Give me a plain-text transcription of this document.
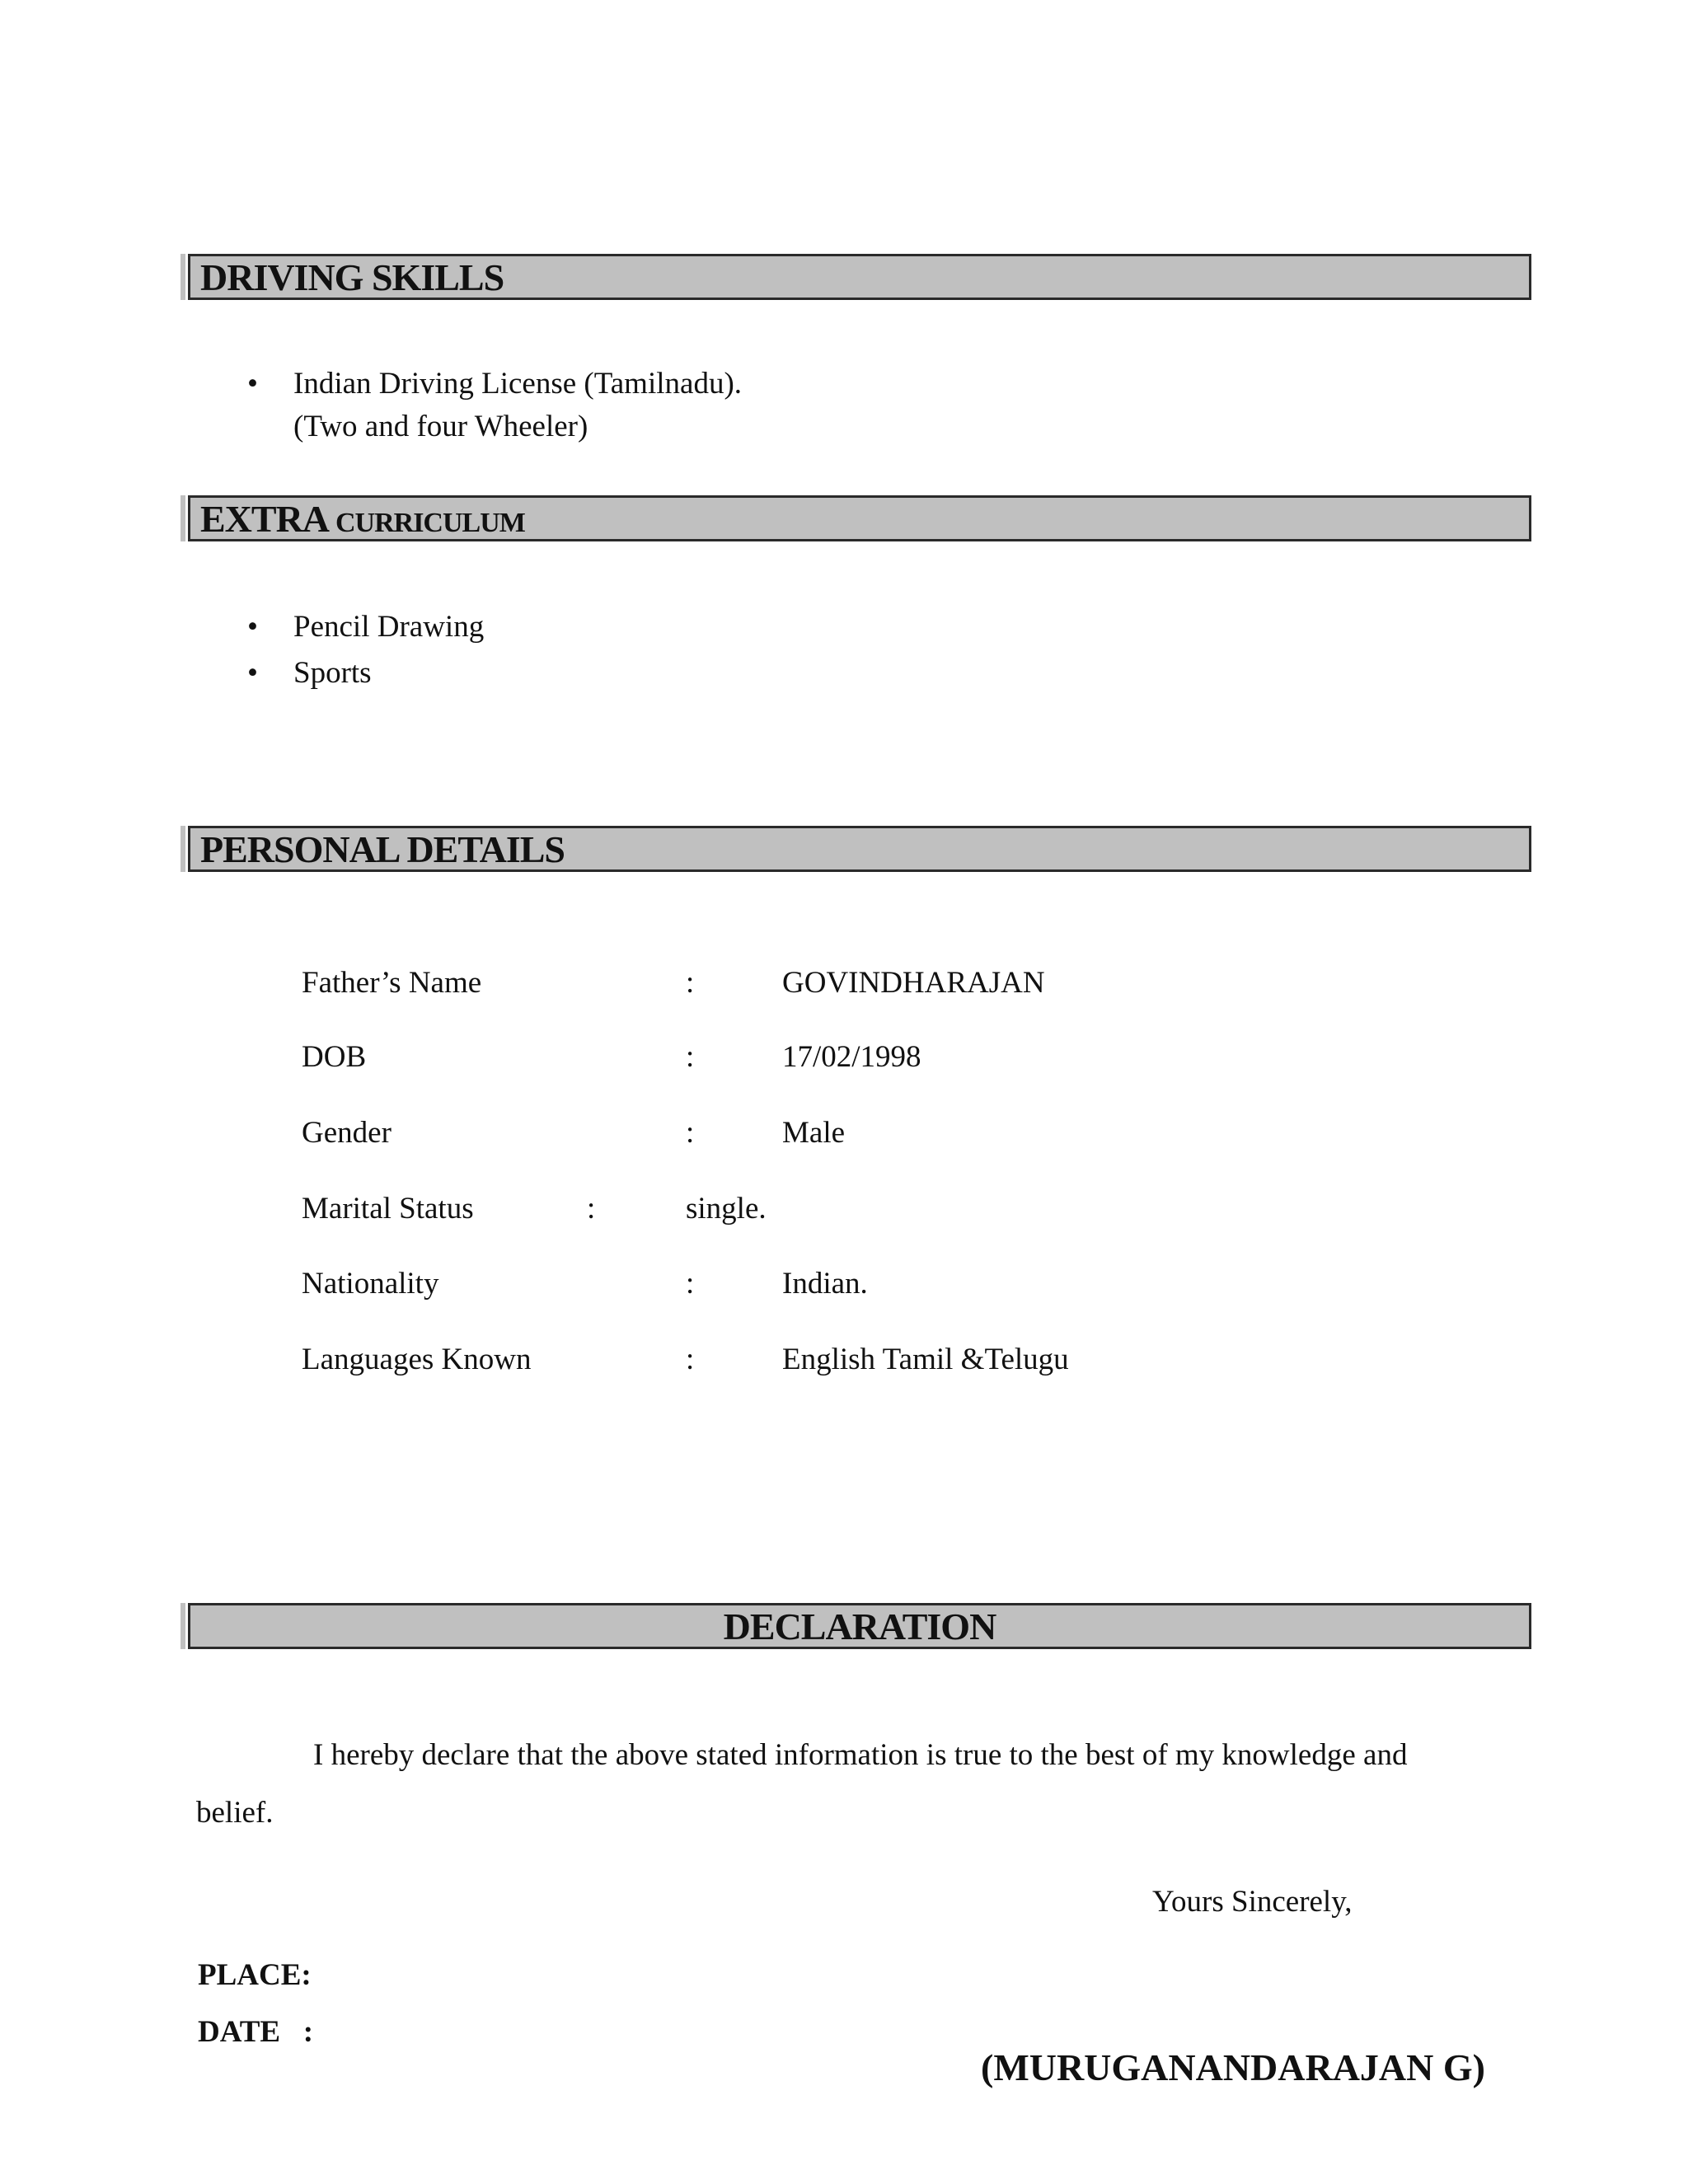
DRIVING SKILLS
• Indian Driving License (Tamilnadu).
(Two and four Wheeler)
EXTRA CURRICULUM
• Pencil Drawing
• Sports
PERSONAL DETAILS
Father’s Name	:	GOVINDHARAJAN
DOB	:	17/02/1998
Gender	:	Male
Marital Status	:	single.
Nationality	:	Indian.
Languages Known	:	English Tamil &Telugu
DECLARATION
I hereby declare that the above stated information is true to the best of my knowledge and
belief.
Yours Sincerely,
PLACE:
DATE   :
(MURUGANANDARAJAN G)
